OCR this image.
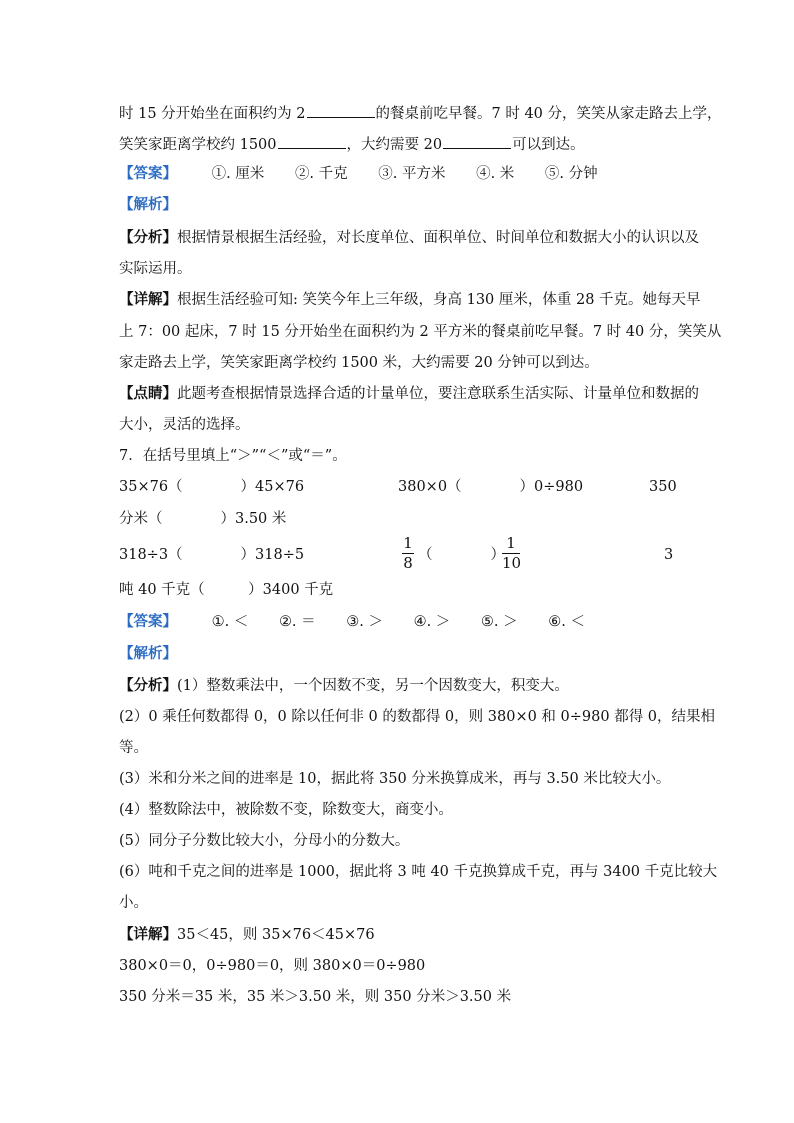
时 15 分开始坐在面积约为 2	的餐桌前吃早餐。7 时 40 分，笑笑从家走路去上学，
笑笑家距离学校约 1500	，大约需要 20	可以到达。
【答案】 ①. 厘米 ②. 千克 ③. 平方米 ④. 米 ⑤. 分钟
【解析】
【分析】根据情景根据生活经验，对长度单位、面积单位、时间单位和数据大小的认识以及
实际运用。
【详解】根据生活经验可知: 笑笑今年上三年级，身高 130 厘米，体重 28 千克。她每天早
上 7：00 起床，7 时 15 分开始坐在面积约为 2 平方米的餐桌前吃早餐。7 时 40 分，笑笑从
家走路去上学，笑笑家距离学校约 1500 米，大约需要 20 分钟可以到达。
【点睛】此题考查根据情景选择合适的计量单位，要注意联系生活实际、计量单位和数据的
大小，灵活的选择。
7．在括号里填上“＞”“＜”或“＝”。
35×76（　　　　）45×76	380×0（　　　　）0÷980	350
分米（　　　　）3.50 米
318÷3（　　　　）318÷5
1
8 （　　　　）
1
10	3
吨 40 千克（　　　）3400 千克
【答案】 ①. ＜ ②. ＝ ③. ＞ ④. ＞ ⑤. ＞ ⑥. ＜
【解析】
【分析】(1）整数乘法中，一个因数不变，另一个因数变大，积变大。
(2）0 乘任何数都得 0，0 除以任何非 0 的数都得 0，则 380×0 和 0÷980 都得 0，结果相
等。
(3）米和分米之间的进率是 10，据此将 350 分米换算成米，再与 3.50 米比较大小。
(4）整数除法中，被除数不变，除数变大，商变小。
(5）同分子分数比较大小，分母小的分数大。
(6）吨和千克之间的进率是 1000，据此将 3 吨 40 千克换算成千克，再与 3400 千克比较大
小。
【详解】35＜45，则 35×76＜45×76
380×0＝0，0÷980＝0，则 380×0＝0÷980
350 分米＝35 米，35 米＞3.50 米，则 350 分米＞3.50 米
